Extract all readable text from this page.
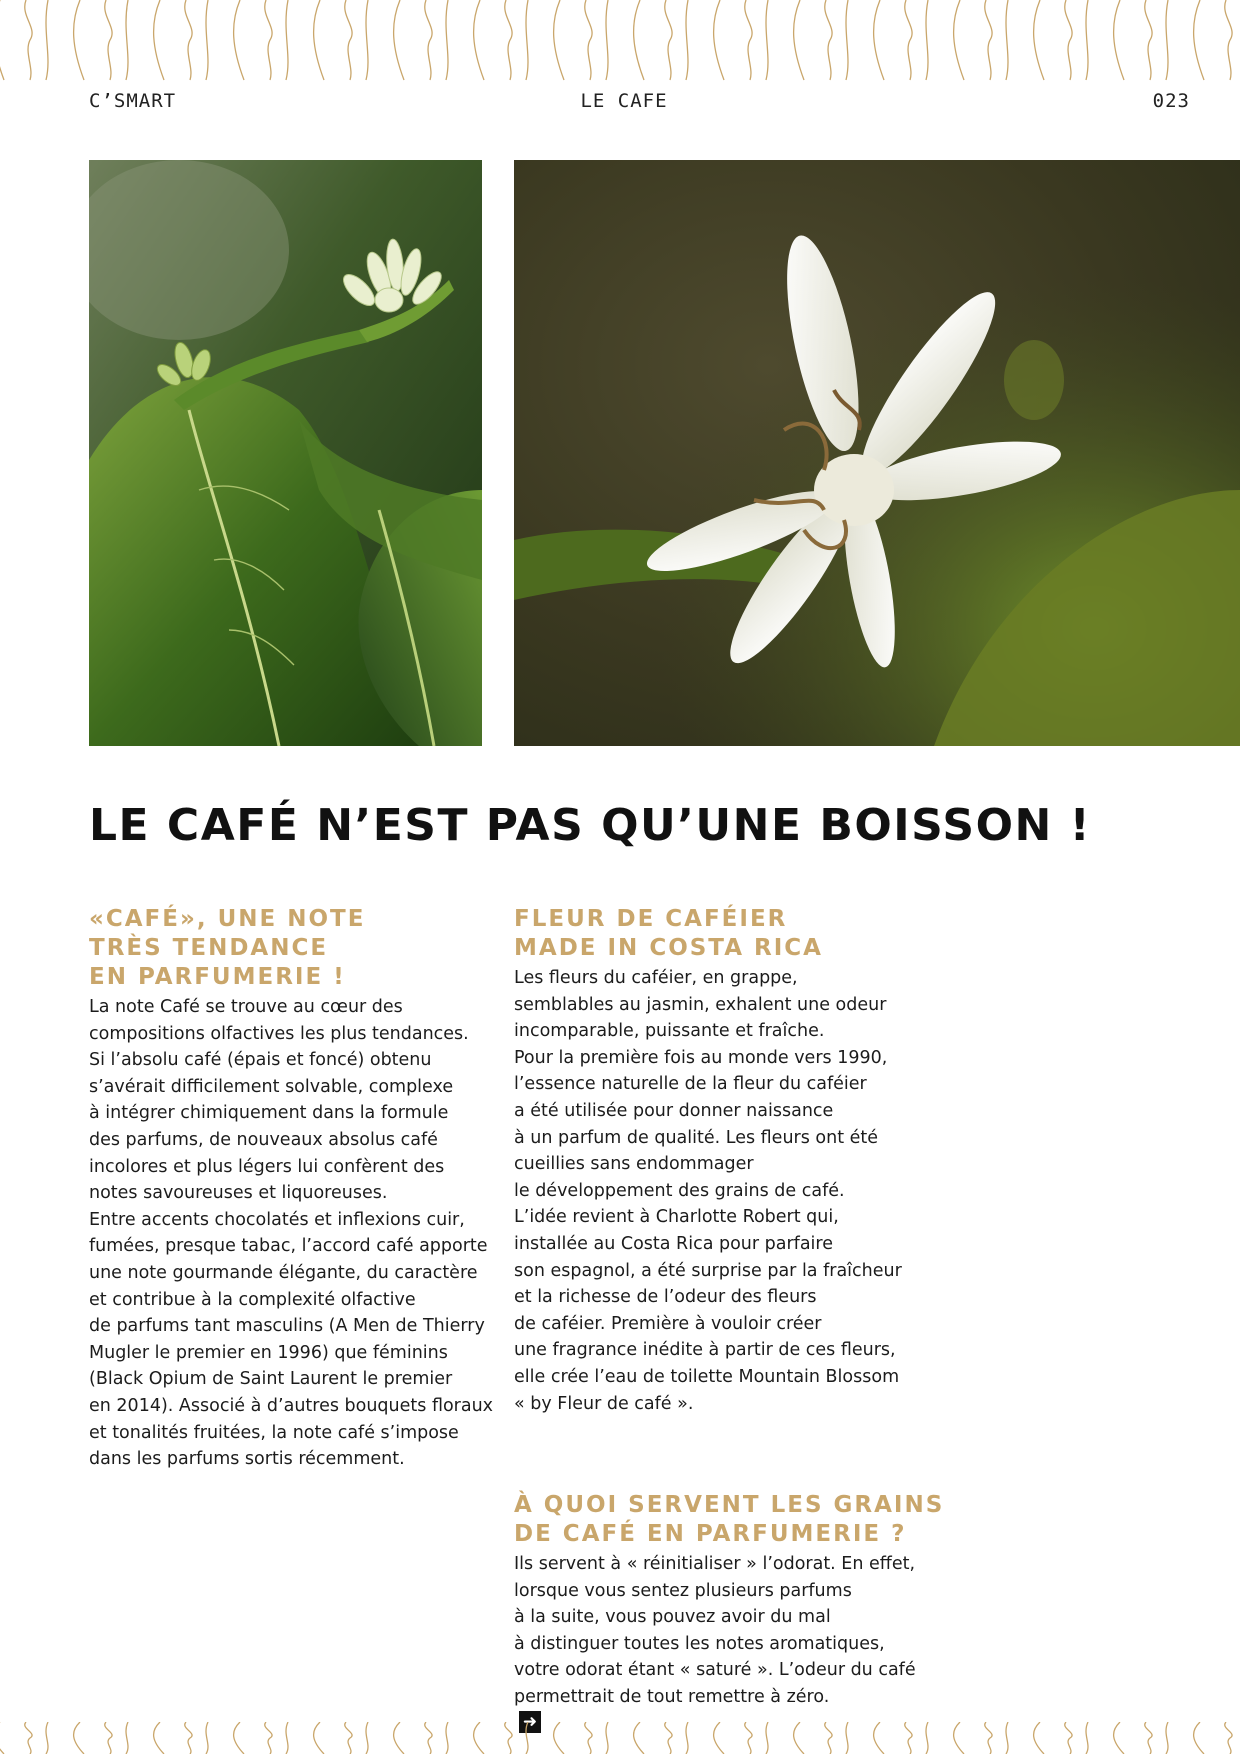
C’SMART	LE CAFE	023
LE CAFÉ N’EST PAS QU’UNE BOISSON !
«CAFÉ», UNE NOTE
TRÈS TENDANCE
EN PARFUMERIE !

La note Café se trouve au cœur des
compositions olfactives les plus tendances.
Si l’absolu café (épais et foncé) obtenu
s’avérait difficilement solvable, complexe
à intégrer chimiquement dans la formule
des parfums, de nouveaux absolus café
incolores et plus légers lui confèrent des
notes savoureuses et liquoreuses.
Entre accents chocolatés et inflexions cuir,
fumées, presque tabac, l’accord café apporte
une note gourmande élégante, du caractère
et contribue à la complexité olfactive
de parfums tant masculins (A Men de Thierry
Mugler le premier en 1996) que féminins
(Black Opium de Saint Laurent le premier
en 2014). Associé à d’autres bouquets floraux
et tonalités fruitées, la note café s’impose
dans les parfums sortis récemment.

FLEUR DE CAFÉIER
MADE IN COSTA RICA

Les fleurs du caféier, en grappe,
semblables au jasmin, exhalent une odeur
incomparable, puissante et fraîche.
Pour la première fois au monde vers 1990,
l’essence naturelle de la fleur du caféier
a été utilisée pour donner naissance
à un parfum de qualité. Les fleurs ont été
cueillies sans endommager
le développement des grains de café.
L’idée revient à Charlotte Robert qui,
installée au Costa Rica pour parfaire
son espagnol, a été surprise par la fraîcheur
et la richesse de l’odeur des fleurs
de caféier. Première à vouloir créer
une fragrance inédite à partir de ces fleurs,
elle crée l’eau de toilette Mountain Blossom
« by Fleur de café ».

À QUOI SERVENT LES GRAINS
DE CAFÉ EN PARFUMERIE ?

Ils servent à « réinitialiser » l’odorat. En effet,
lorsque vous sentez plusieurs parfums
à la suite, vous pouvez avoir du mal
à distinguer toutes les notes aromatiques,
votre odorat étant « saturé ». L’odeur du café
permettrait de tout remettre à zéro.
➜
